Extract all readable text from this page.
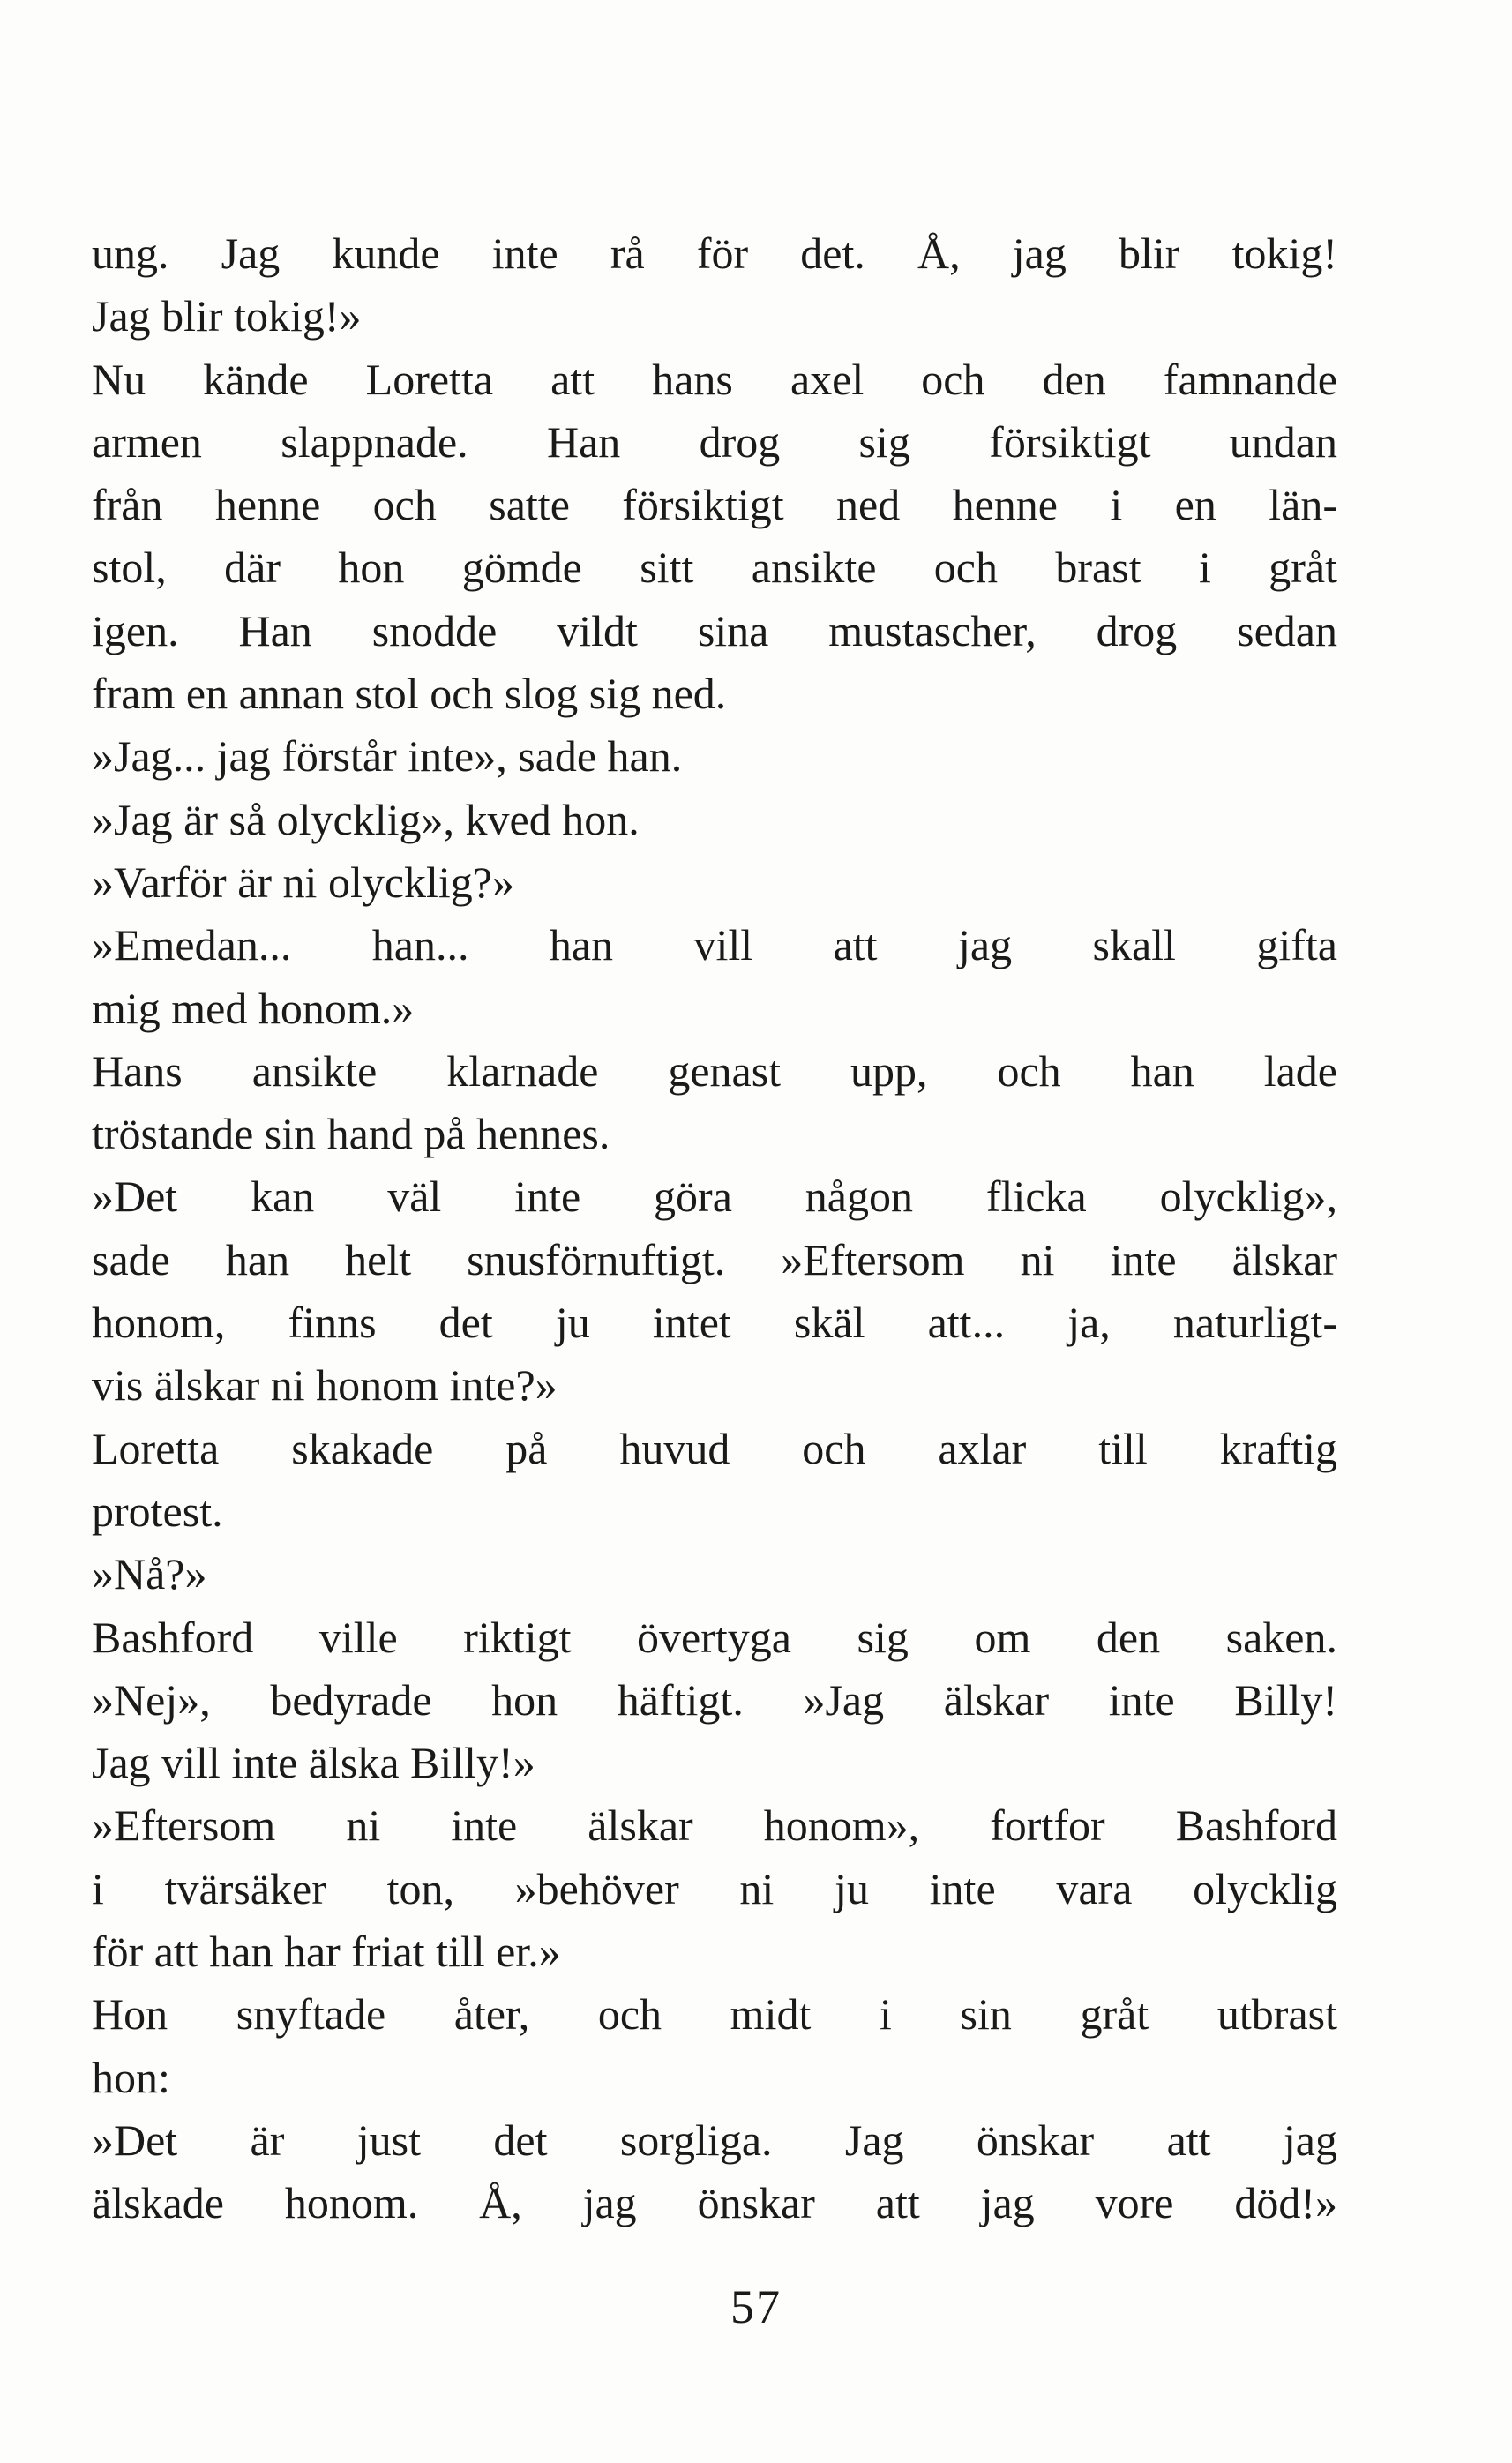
ung. Jag kunde inte rå för det. Å, jag blir tokig!
Jag blir tokig!»
Nu kände Loretta att hans axel och den famnande
armen slappnade. Han drog sig försiktigt undan
från henne och satte försiktigt ned henne i en län-
stol, där hon gömde sitt ansikte och brast i gråt
igen. Han snodde vildt sina mustascher, drog sedan
fram en annan stol och slog sig ned.
»Jag... jag förstår inte», sade han.
»Jag är så olycklig», kved hon.
»Varför är ni olycklig?»
»Emedan... han... han vill att jag skall gifta
mig med honom.»
Hans ansikte klarnade genast upp, och han lade
tröstande sin hand på hennes.
»Det kan väl inte göra någon flicka olycklig»,
sade han helt snusförnuftigt. »Eftersom ni inte älskar
honom, finns det ju intet skäl att... ja, naturligt-
vis älskar ni honom inte?»
Loretta skakade på huvud och axlar till kraftig
protest.
»Nå?»
Bashford ville riktigt övertyga sig om den saken.
»Nej», bedyrade hon häftigt. »Jag älskar inte Billy!
Jag vill inte älska Billy!»
»Eftersom ni inte älskar honom», fortfor Bashford
i tvärsäker ton, »behöver ni ju inte vara olycklig
för att han har friat till er.»
Hon snyftade åter, och midt i sin gråt utbrast
hon:
»Det är just det sorgliga. Jag önskar att jag
älskade honom. Å, jag önskar att jag vore död!»
57
